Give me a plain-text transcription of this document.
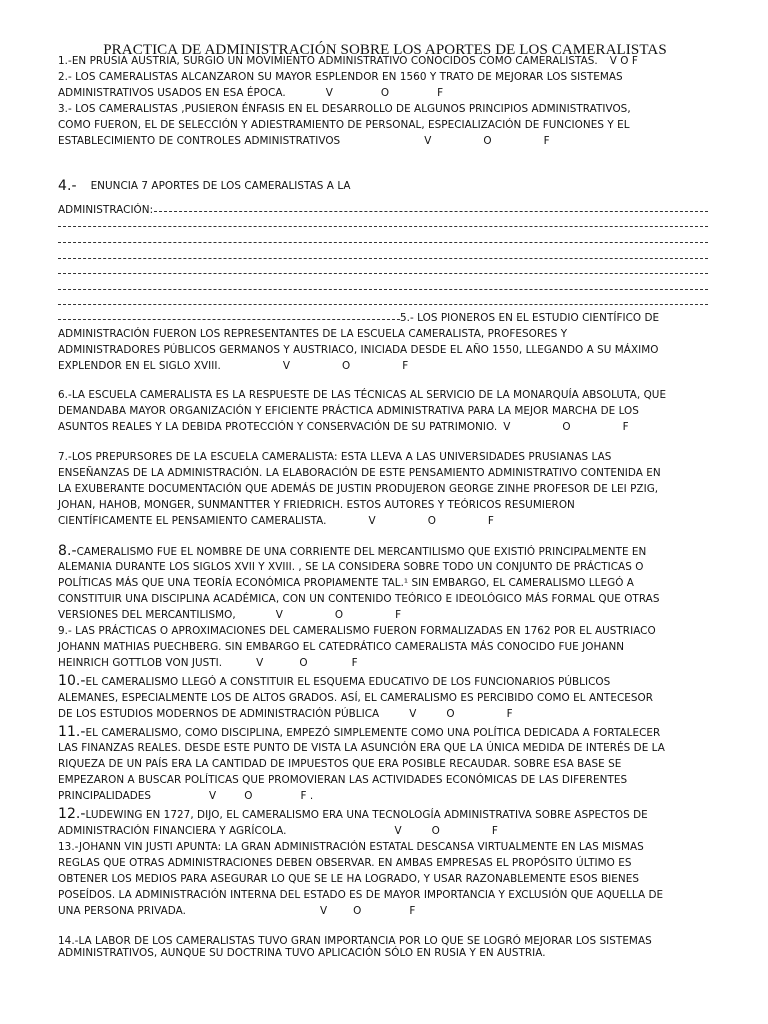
PRACTICA DE ADMINISTRACIÓN SOBRE LOS APORTES DE LOS CAMERALISTAS
1.-EN PRUSIA AUSTRIA, SURGIO UN MOVIMIENTO ADMINISTRATIVO CONOCIDOS COMO CAMERALISTAS. V O F
2.- LOS CAMERALISTAS ALCANZARON SU MAYOR ESPLENDOR EN 1560 Y TRATO DE MEJORAR LOS SISTEMAS
ADMINISTRATIVOS USADOS EN ESA ÉPOCA.	V	O	F
3.- LOS CAMERALISTAS ,PUSIERON ÉNFASIS EN EL DESARROLLO DE ALGUNOS PRINCIPIOS ADMINISTRATIVOS,
COMO FUERON, EL DE SELECCIÓN Y ADIESTRAMIENTO DE PERSONAL, ESPECIALIZACIÓN DE FUNCIONES Y EL
ESTABLECIMIENTO DE CONTROLES ADMINISTRATIVOS	V	O	F
4.- ENUNCIA 7 APORTES DE LOS CAMERALISTAS A LA
ADMINISTRACIÓN:
5.- LOS PIONEROS EN EL ESTUDIO CIENTÍFICO DE
ADMINISTRACIÓN FUERON LOS REPRESENTANTES DE LA ESCUELA CAMERALISTA, PROFESORES Y
ADMINISTRADORES PÚBLICOS GERMANOS Y AUSTRIACO, INICIADA DESDE EL AÑO 1550, LLEGANDO A SU MÁXIMO
EXPLENDOR EN EL SIGLO XVIII.	V	O	F
6.-LA ESCUELA CAMERALISTA ES LA RESPUESTE DE LAS TÉCNICAS AL SERVICIO DE LA MONARQUÍA ABSOLUTA, QUE
DEMANDABA MAYOR ORGANIZACIÓN Y EFICIENTE PRÁCTICA ADMINISTRATIVA PARA LA MEJOR MARCHA DE LOS
ASUNTOS REALES Y LA DEBIDA PROTECCIÓN Y CONSERVACIÓN DE SU PATRIMONIO. V	O	F
7.-LOS PREPURSORES DE LA ESCUELA CAMERALISTA: ESTA LLEVA A LAS UNIVERSIDADES PRUSIANAS LAS
ENSEÑANZAS DE LA ADMINISTRACIÓN. LA ELABORACIÓN DE ESTE PENSAMIENTO ADMINISTRATIVO CONTENIDA EN
LA EXUBERANTE DOCUMENTACIÓN QUE ADEMÁS DE JUSTIN PRODUJERON GEORGE ZINHE PROFESOR DE LEI PZIG,
JOHAN, HAHOB, MONGER, SUNMANTTER Y FRIEDRICH. ESTOS AUTORES Y TEÓRICOS RESUMIERON
CIENTÍFICAMENTE EL PENSAMIENTO CAMERALISTA.	V	O	F
8.-CAMERALISMO FUE EL NOMBRE DE UNA CORRIENTE DEL MERCANTILISMO QUE EXISTIÓ PRINCIPALMENTE EN
ALEMANIA DURANTE LOS SIGLOS XVII Y XVIII. , SE LA CONSIDERA SOBRE TODO UN CONJUNTO DE PRÁCTICAS O
POLÍTICAS MÁS QUE UNA TEORÍA ECONÓMICA PROPIAMENTE TAL.¹ SIN EMBARGO, EL CAMERALISMO LLEGÓ A
CONSTITUIR UNA DISCIPLINA ACADÉMICA, CON UN CONTENIDO TEÓRICO E IDEOLÓGICO MÁS FORMAL QUE OTRAS
VERSIONES DEL MERCANTILISMO,	V	O	F
9.- LAS PRÁCTICAS O APROXIMACIONES DEL CAMERALISMO FUERON FORMALIZADAS EN 1762 POR EL AUSTRIACO
JOHANN MATHIAS PUECHBERG. SIN EMBARGO EL CATEDRÁTICO CAMERALISTA MÁS CONOCIDO FUE JOHANN
HEINRICH GOTTLOB VON JUSTI.	V	O	F
10.-EL CAMERALISMO LLEGÓ A CONSTITUIR EL ESQUEMA EDUCATIVO DE LOS FUNCIONARIOS PÚBLICOS
ALEMANES, ESPECIALMENTE LOS DE ALTOS GRADOS. ASÍ, EL CAMERALISMO ES PERCIBIDO COMO EL ANTECESOR
DE LOS ESTUDIOS MODERNOS DE ADMINISTRACIÓN PÚBLICA	V	O	F
11.-EL CAMERALISMO, COMO DISCIPLINA, EMPEZÓ SIMPLEMENTE COMO UNA POLÍTICA DEDICADA A FORTALECER
LAS FINANZAS REALES. DESDE ESTE PUNTO DE VISTA LA ASUNCIÓN ERA QUE LA ÚNICA MEDIDA DE INTERÉS DE LA
RIQUEZA DE UN PAÍS ERA LA CANTIDAD DE IMPUESTOS QUE ERA POSIBLE RECAUDAR. SOBRE ESA BASE SE
EMPEZARON A BUSCAR POLÍTICAS QUE PROMOVIERAN LAS ACTIVIDADES ECONÓMICAS DE LAS DIFERENTES
PRINCIPALIDADES	V	O	F .
12.-LUDEWING EN 1727, DIJO, EL CAMERALISMO ERA UNA TECNOLOGÍA ADMINISTRATIVA SOBRE ASPECTOS DE
ADMINISTRACIÓN FINANCIERA Y AGRÍCOLA.	V	O	F
13.-JOHANN VIN JUSTI APUNTA: LA GRAN ADMINISTRACIÓN ESTATAL DESCANSA VIRTUALMENTE EN LAS MISMAS
REGLAS QUE OTRAS ADMINISTRACIONES DEBEN OBSERVAR. EN AMBAS EMPRESAS EL PROPÓSITO ÚLTIMO ES
OBTENER LOS MEDIOS PARA ASEGURAR LO QUE SE LE HA LOGRADO, Y USAR RAZONABLEMENTE ESOS BIENES
POSEÍDOS. LA ADMINISTRACIÓN INTERNA DEL ESTADO ES DE MAYOR IMPORTANCIA Y EXCLUSIÓN QUE AQUELLA DE
UNA PERSONA PRIVADA.	V	O	F
14.-LA LABOR DE LOS CAMERALISTAS TUVO GRAN IMPORTANCIA POR LO QUE SE LOGRÓ MEJORAR LOS SISTEMAS
ADMINISTRATIVOS, AUNQUE SU DOCTRINA TUVO APLICACIÓN SÓLO EN RUSIA Y EN AUSTRIA.
